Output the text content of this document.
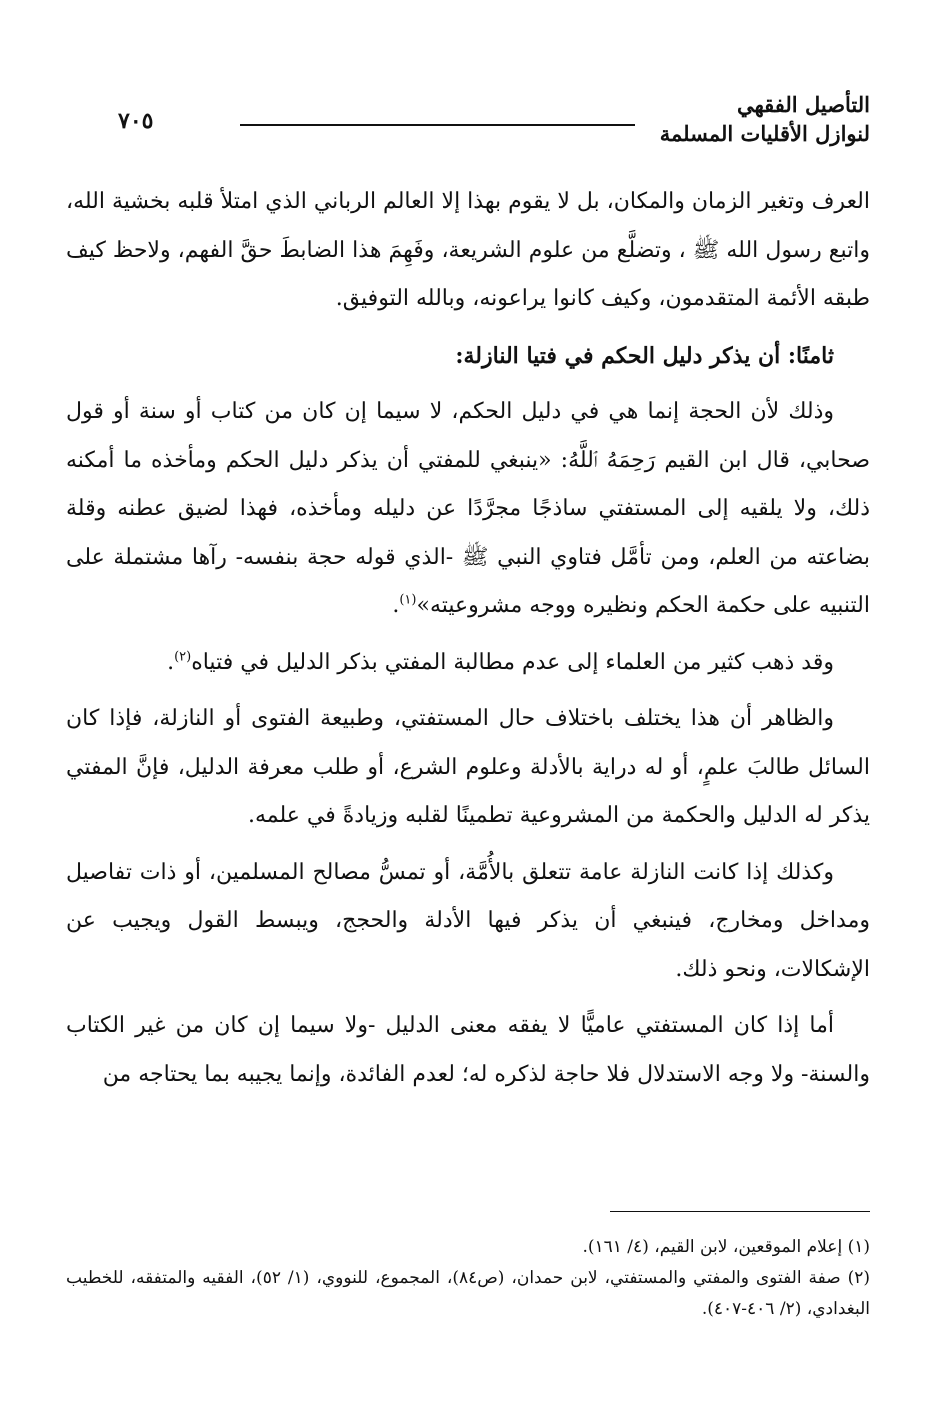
التأصيل الفقهي
لنوازل الأقليات المسلمة
٧٠٥

العرف وتغير الزمان والمكان، بل لا يقوم بهذا إلا العالم الرباني الذي امتلأ قلبه بخشية الله، واتبع رسول الله ﷺ ، وتضلَّع من علوم الشريعة، وفَهِمَ هذا الضابطَ حقَّ الفهم، ولاحظ كيف طبقه الأئمة المتقدمون، وكيف كانوا يراعونه، وبالله التوفيق.

ثامنًا: أن يذكر دليل الحكم في فتيا النازلة:

وذلك لأن الحجة إنما هي في دليل الحكم، لا سيما إن كان من كتاب أو سنة أو قول صحابي، قال ابن القيم رَحِمَهُ ٱللَّهُ: «ينبغي للمفتي أن يذكر دليل الحكم ومأخذه ما أمكنه ذلك، ولا يلقيه إلى المستفتي ساذجًا مجرَّدًا عن دليله ومأخذه، فهذا لضيق عطنه وقلة بضاعته من العلم، ومن تأمَّل فتاوي النبي ﷺ -الذي قوله حجة بنفسه- رآها مشتملة على التنبيه على حكمة الحكم ونظيره ووجه مشروعيته»$^{(١)}$.

وقد ذهب كثير من العلماء إلى عدم مطالبة المفتي بذكر الدليل في فتياه$^{(٢)}$.

والظاهر أن هذا يختلف باختلاف حال المستفتي، وطبيعة الفتوى أو النازلة، فإذا كان السائل طالبَ علمٍ، أو له دراية بالأدلة وعلوم الشرع، أو طلب معرفة الدليل، فإنَّ المفتي يذكر له الدليل والحكمة من المشروعية تطمينًا لقلبه وزيادةً في علمه.

وكذلك إذا كانت النازلة عامة تتعلق بالأُمَّة، أو تمسُّ مصالح المسلمين، أو ذات تفاصيل ومداخل ومخارج، فينبغي أن يذكر فيها الأدلة والحجج، ويبسط القول ويجيب عن الإشكالات، ونحو ذلك.

أما إذا كان المستفتي عاميًّا لا يفقه معنى الدليل -ولا سيما إن كان من غير الكتاب والسنة- ولا وجه الاستدلال فلا حاجة لذكره له؛ لعدم الفائدة، وإنما يجيبه بما يحتاجه من

(١) إعلام الموقعين، لابن القيم، (٤/ ١٦١).

(٢) صفة الفتوى والمفتي والمستفتي، لابن حمدان، (ص٨٤)، المجموع، للنووي، (١/ ٥٢)، الفقيه والمتفقه، للخطيب البغدادي، (٢/ ٤٠٦-٤٠٧).
